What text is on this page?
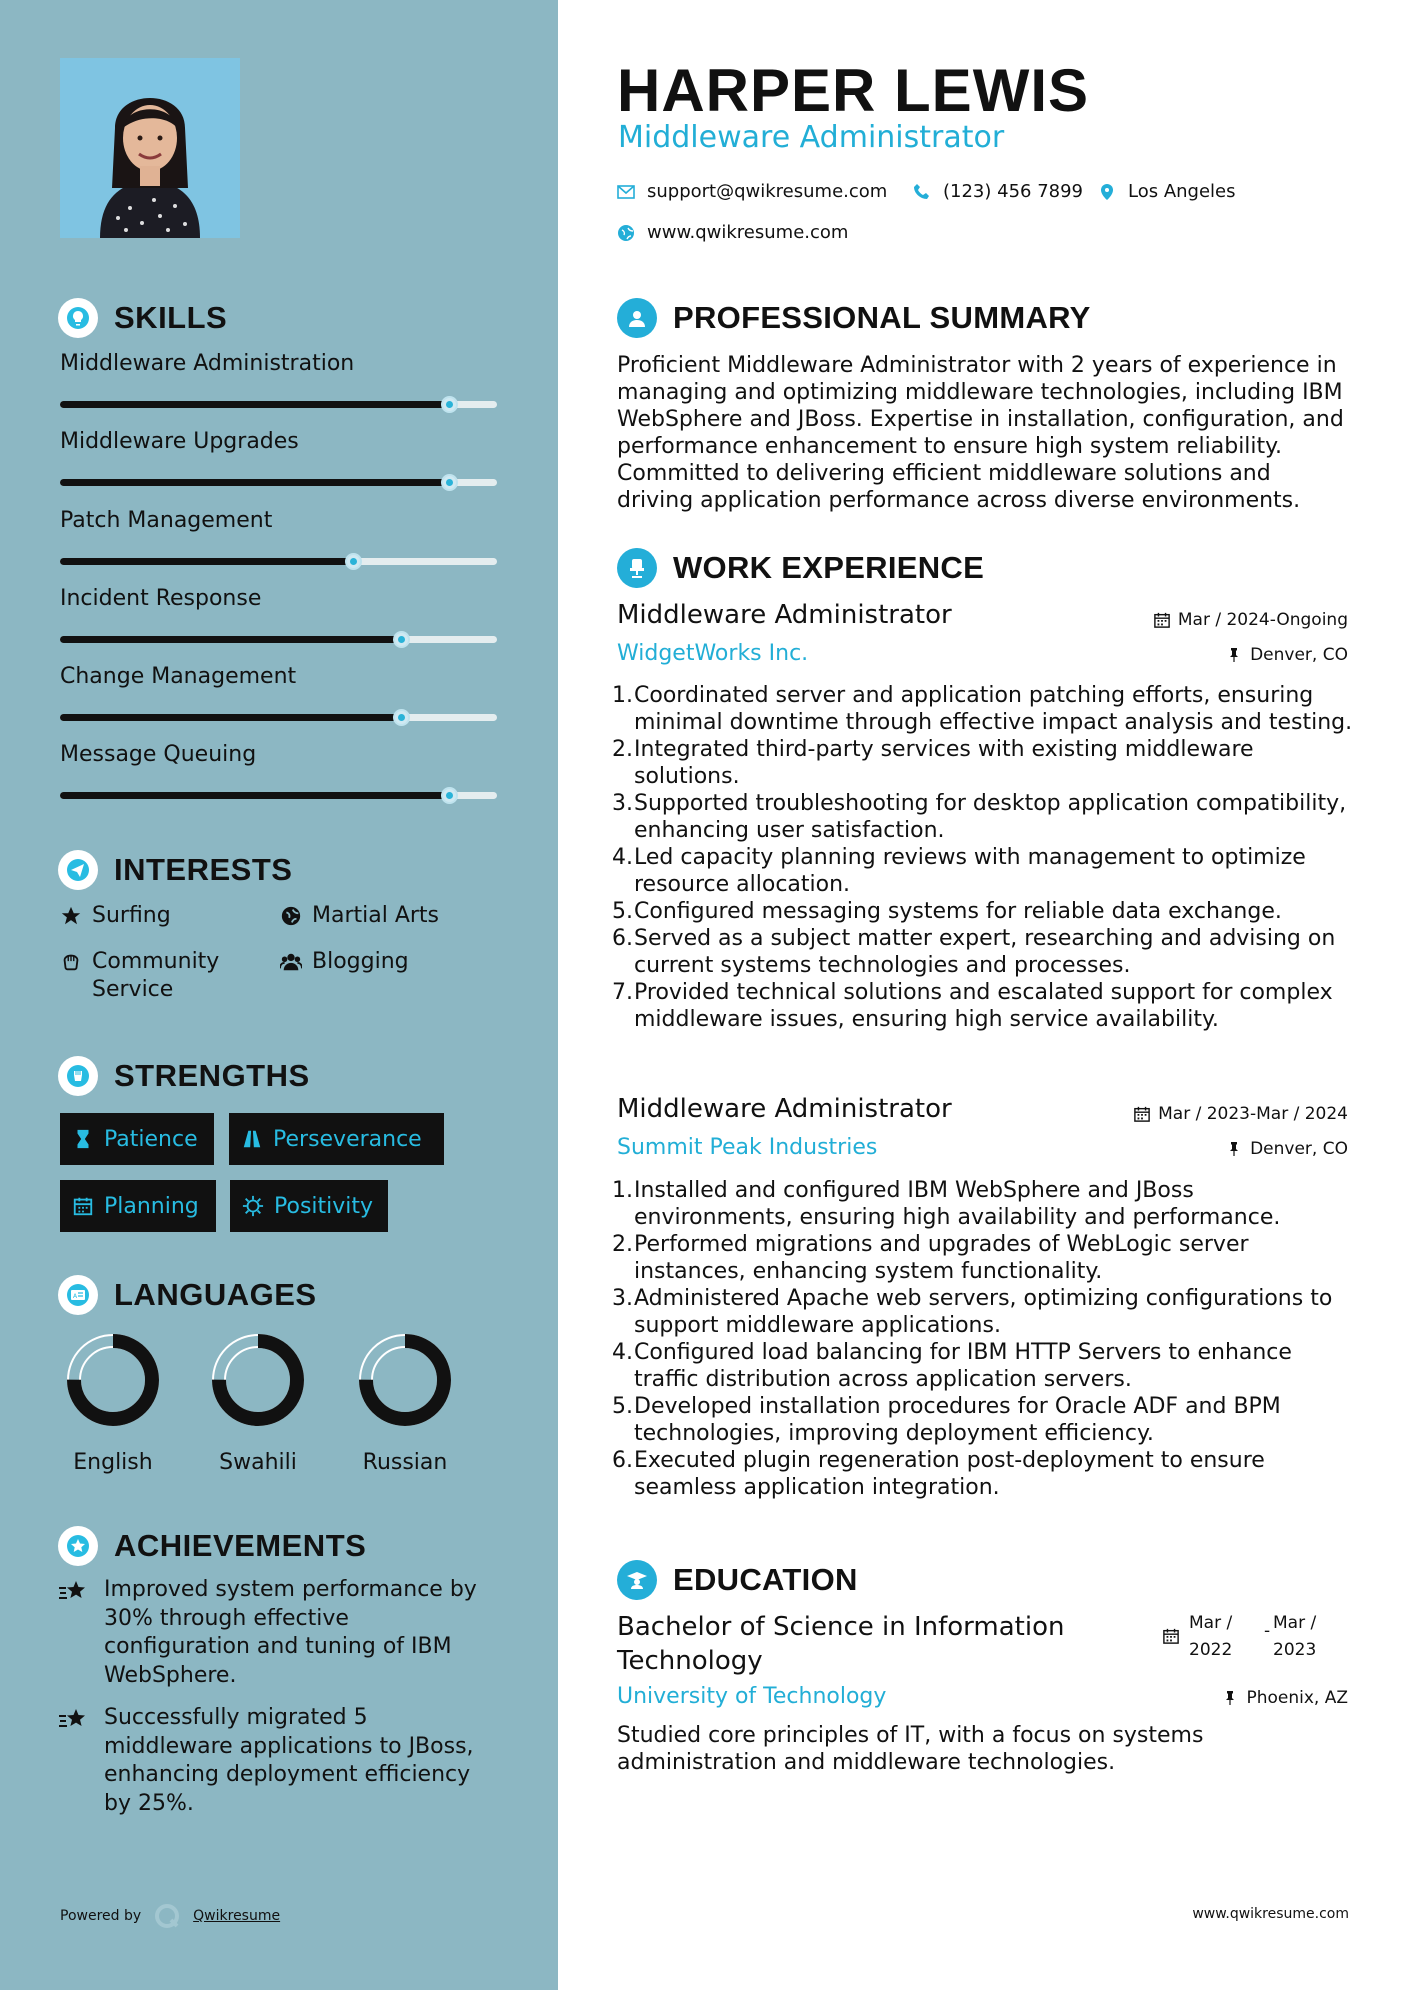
SKILLS
Middleware Administration
Middleware Upgrades
Patch Management
Incident Response
Change Management
Message Queuing
INTERESTS
Surfing	Martial Arts
Community Service
Blogging
STRENGTHS
Patience	Perseverance
Planning	Positivity
A LANGUAGES
English	Swahili	Russian
ACHIEVEMENTS
Improved system performance by 30% through effective configuration and tuning of IBM WebSphere.
Successfully migrated 5 middleware applications to JBoss, enhancing deployment efficiency by 25%.
Powered by	Qwikresume
HARPER LEWIS
Middleware Administrator
support@qwikresume.com	(123) 456 7899 Los Angeles
www.qwikresume.com
PROFESSIONAL SUMMARY
Proficient Middleware Administrator with 2 years of experience in managing and optimizing middleware technologies, including IBM WebSphere and JBoss. Expertise in installation, configuration, and performance enhancement to ensure high system reliability. Committed to delivering efficient middleware solutions and driving application performance across diverse environments.
WORK EXPERIENCE
Middleware Administrator
WidgetWorks Inc.
Mar / 2024-Ongoing
Denver, CO
1. Coordinated server and application patching efforts, ensuring minimal downtime through effective impact analysis and testing.
2. Integrated third-party services with existing middleware solutions.
3. Supported troubleshooting for desktop application compatibility, enhancing user satisfaction.
4. Led capacity planning reviews with management to optimize resource allocation.
5. Configured messaging systems for reliable data exchange.
6. Served as a subject matter expert, researching and advising on current systems technologies and processes.
7. Provided technical solutions and escalated support for complex middleware issues, ensuring high service availability.
Middleware Administrator
Summit Peak Industries
Mar / 2023-Mar / 2024
Denver, CO
1. Installed and configured IBM WebSphere and JBoss environments, ensuring high availability and performance.
2. Performed migrations and upgrades of WebLogic server instances, enhancing system functionality.
3. Administered Apache web servers, optimizing configurations to support middleware applications.
4. Configured load balancing for IBM HTTP Servers to enhance traffic distribution across application servers.
5. Developed installation procedures for Oracle ADF and BPM technologies, improving deployment efficiency.
6. Executed plugin regeneration post-deployment to ensure seamless application integration.
EDUCATION
Bachelor of Science in Information Technology
Mar /
2022
- Mar /
2023
University of Technology	Phoenix, AZ
Studied core principles of IT, with a focus on systems administration and middleware technologies.
www.qwikresume.com
